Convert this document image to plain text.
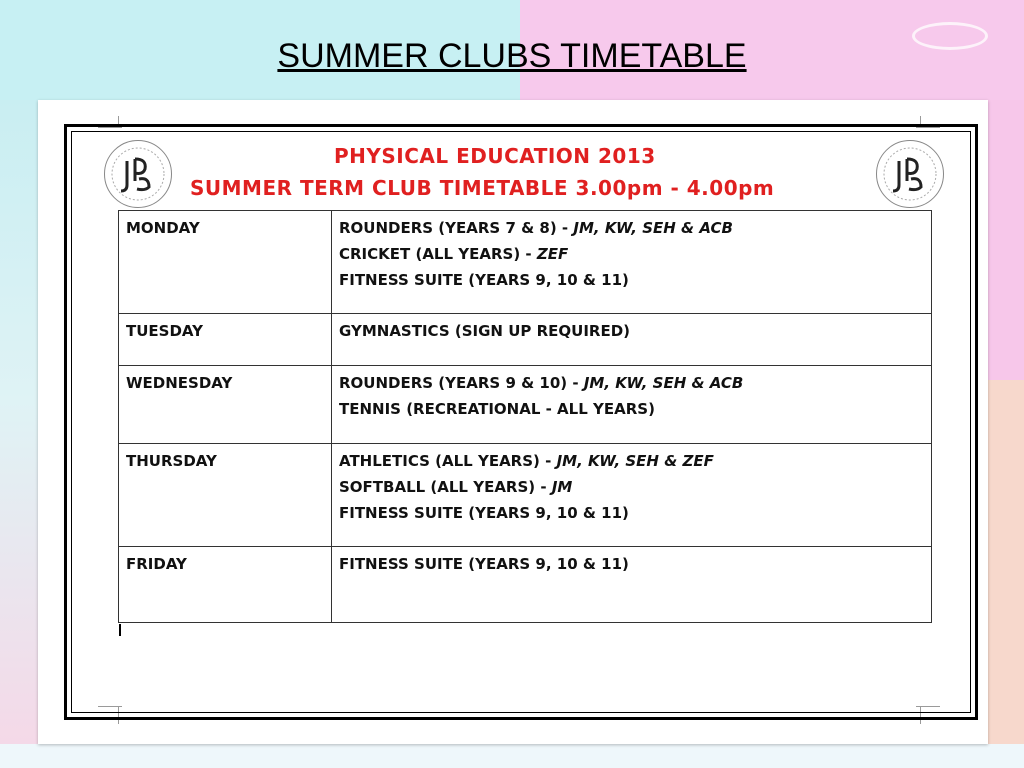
SUMMER CLUBS TIMETABLE
PHYSICAL EDUCATION 2013
SUMMER TERM CLUB TIMETABLE 3.00pm - 4.00pm
MONDAY	ROUNDERS (YEARS 7 & 8) - JM, KW, SEH & ACB
CRICKET (ALL YEARS) - ZEF
FITNESS SUITE (YEARS 9, 10 & 11)

TUESDAY	GYMNASTICS (SIGN UP REQUIRED)

WEDNESDAY	ROUNDERS (YEARS 9 & 10) - JM, KW, SEH & ACB
TENNIS (RECREATIONAL - ALL YEARS)

THURSDAY	ATHLETICS (ALL YEARS) - JM, KW, SEH & ZEF
SOFTBALL (ALL YEARS) - JM
FITNESS SUITE (YEARS 9, 10 & 11)

FRIDAY	FITNESS SUITE (YEARS 9, 10 & 11)
